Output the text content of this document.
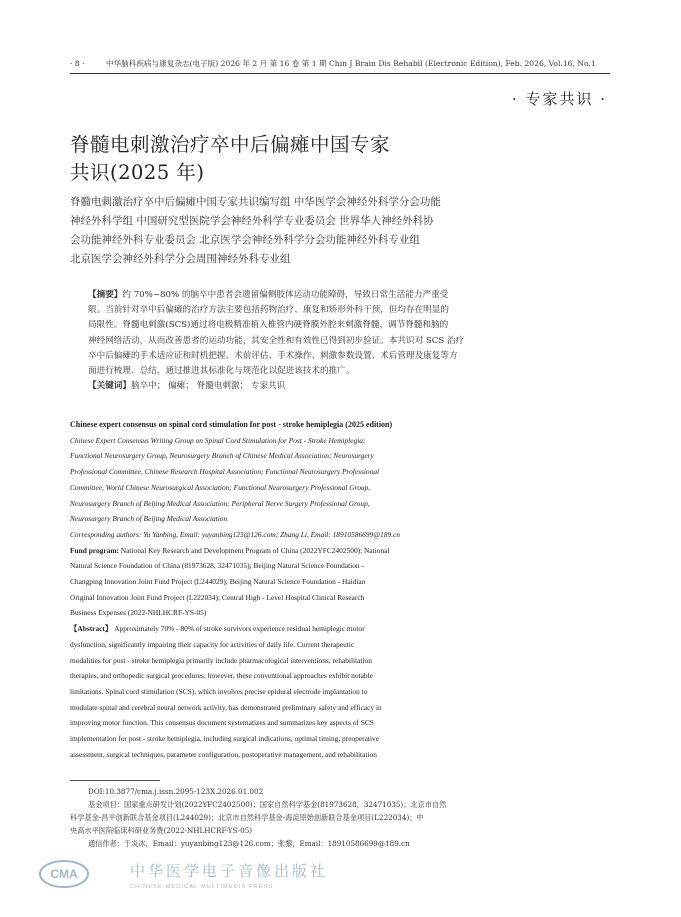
· 8 ·	中华脑科疾病与康复杂志(电子版) 2026 年 2 月 第 16 卷 第 1 期 Chin J Brain Dis Rehabil (Electronic Edition), Feb. 2026, Vol.16, No.1
· 专家共识 ·
脊髓电刺激治疗卒中后偏瘫中国专家
共识(2025 年)
脊髓电刺激治疗卒中后偏瘫中国专家共识编写组 中华医学会神经外科学分会功能
神经外科学组 中国研究型医院学会神经外科学专业委员会 世界华人神经外科协
会功能神经外科专业委员会 北京医学会神经外科学分会功能神经外科专业组
北京医学会神经外科学分会周围神经外科专业组
【摘要】约 70%~80% 的脑卒中患者会遗留偏侧肢体运动功能障碍，导致日常生活能力严重受
限。当前针对卒中后偏瘫的治疗方法主要包括药物治疗、康复和矫形外科干预，但均存在明显的
局限性。脊髓电刺激(SCS)通过将电极精准植入椎管内硬脊膜外腔来刺激脊髓，调节脊髓和脑的
神经网络活动，从而改善患者的运动功能，其安全性和有效性已得到初步验证。本共识对 SCS 治疗
卒中后偏瘫的手术适应证和时机把握、术前评估、手术操作、刺激参数设置、术后管理及康复等方
面进行梳理、总结，通过推进其标准化与规范化以促进该技术的推广。
【关键词】脑卒中； 偏瘫； 脊髓电刺激； 专家共识
Chinese expert consensus on spinal cord stimulation for post - stroke hemiplegia (2025 edition)
Chinese Expert Consensus Writing Group on Spinal Cord Stimulation for Post - Stroke Hemiplegia;
Functional Neurosurgery Group, Neurosurgery Branch of Chinese Medical Association; Neurosurgery
Professional Committee, Chinese Research Hospital Association; Functional Neurosurgery Professional
Committee, World Chinese Neurosurgical Association; Functional Neurosurgery Professional Group,
Neurosurgery Branch of Beijing Medical Association; Peripheral Nerve Surgery Professional Group,
Neurosurgery Branch of Beijing Medical Association
Corresponding authors: Yu Yanbing, Email: yuyanbing123@126.com; Zhang Li, Email: 18910586699@189.cn
Fund program: National Key Research and Development Program of China (2022YFC2402500); National
Natural Science Foundation of China (81973628, 32471035); Beijing Natural Science Foundation -
Changping Innovation Joint Fund Project (L244029); Beijing Natural Science Foundation - Haidian
Original Innovation Joint Fund Project (L222034); Central High - Level Hospital Clinical Research
Business Expenses (2022-NHLHCRF-YS-05)
【Abstract】 Approximately 70% - 80% of stroke survivors experience residual hemiplegic motor
dysfunction, significantly impairing their capacity for activities of daily life. Current therapeutic
modalities for post - stroke hemiplegia primarily include pharmacological interventions, rehabilitation
therapies, and orthopedic surgical procedures; however, these conventional approaches exhibit notable
limitations. Spinal cord stimulation (SCS), which involves precise epidural electrode implantation to
modulate spinal and cerebral neural network activity, has demonstrated preliminary safety and efficacy in
improving motor function. This consensus document systematizes and summarizes key aspects of SCS
implementation for post - stroke hemiplegia, including surgical indications, optimal timing, preoperative
assessment, surgical techniques, parameter configuration, postoperative management, and rehabilitation
DOI:10.3877/cma.j.issn.2095-123X.2026.01.002
基金项目：国家重点研发计划(2022YFC2402500)；国家自然科学基金(81973628，32471035)；北京市自然
科学基金-昌平创新联合基金项目(L244029)；北京市自然科学基金-海淀原始创新联合基金项目(L222034)；中
央高水平医院临床科研业务费(2022-NHLHCRF-YS-05)
通信作者：于炎冰，Email：yuyanbing123@126.com；张黎，Email：18910586699@189.cn
CMA	中华医学电子音像出版社
CHINESE MEDICAL MULTIMEDIA PRESS
